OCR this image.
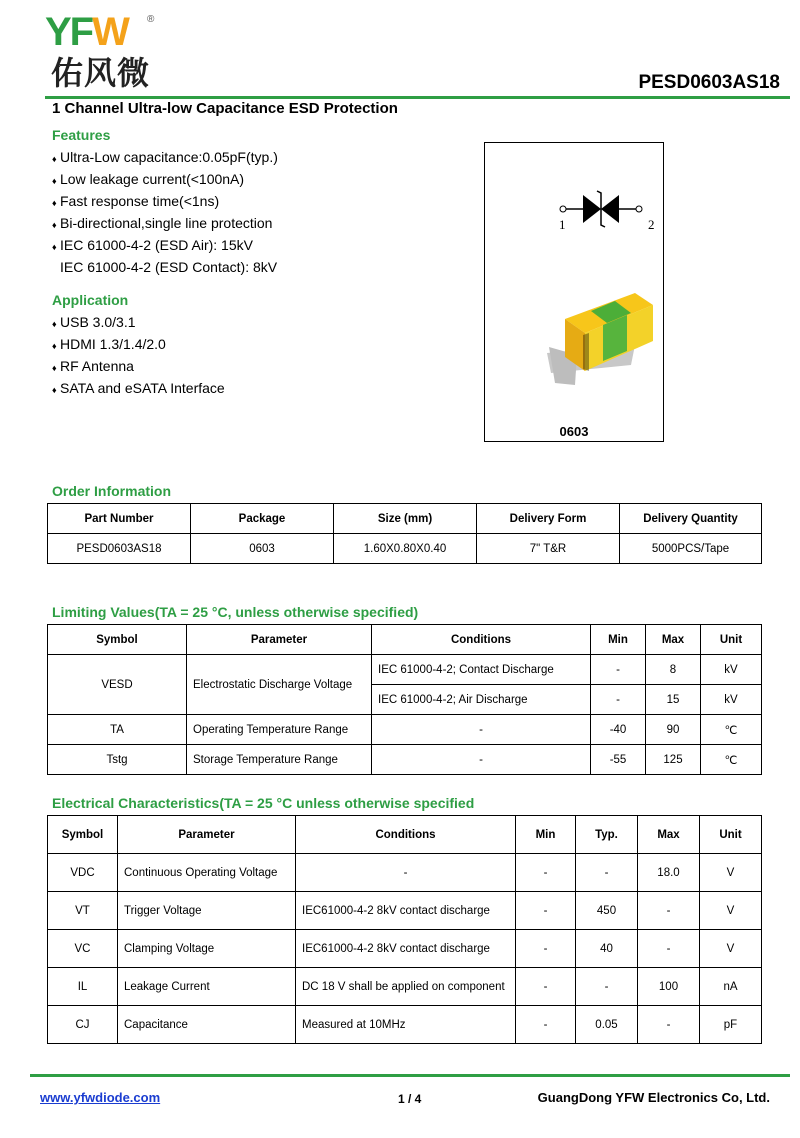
YFW ®
佑风微	PESD0603AS18
1 Channel Ultra-low Capacitance ESD Protection
Features
♦ Ultra-Low capacitance:0.05pF(typ.)
♦ Low leakage current(<100nA)
♦ Fast response time(<1ns)
♦ Bi-directional,single line protection
♦ IEC 61000-4-2 (ESD Air): 15kV
IEC 61000-4-2 (ESD Contact): 8kV
Application
♦ USB 3.0/3.1
♦ HDMI 1.3/1.4/2.0
♦ RF Antenna
♦ SATA and eSATA Interface
1	2
0603
Order Information
Part Number	Package	Size (mm)	Delivery Form	Delivery Quantity
PESD0603AS18	0603	1.60X0.80X0.40	7" T&R	5000PCS/Tape
Limiting Values(TA = 25 °C, unless otherwise specified)
Symbol	Parameter	Conditions	Min	Max	Unit
VESD	Electrostatic Discharge Voltage	IEC 61000-4-2; Contact Discharge	-	8	kV
		IEC 61000-4-2; Air Discharge	-	15	kV
TA	Operating Temperature Range	-	-40	90	℃
Tstg	Storage Temperature Range	-	-55	125	℃
Electrical Characteristics(TA = 25 °C unless otherwise specified
Symbol	Parameter	Conditions	Min	Typ.	Max	Unit
VDC	Continuous Operating Voltage	-	-	-	18.0	V
VT	Trigger Voltage	IEC61000-4-2 8kV contact discharge	-	450	-	V
VC	Clamping Voltage	IEC61000-4-2 8kV contact discharge	-	40	-	V
IL	Leakage Current	DC 18 V shall be applied on component	-	-	100	nA
CJ	Capacitance	Measured at 10MHz	-	0.05	-	pF
www.yfwdiode.com	1 / 4	GuangDong YFW Electronics Co, Ltd.
